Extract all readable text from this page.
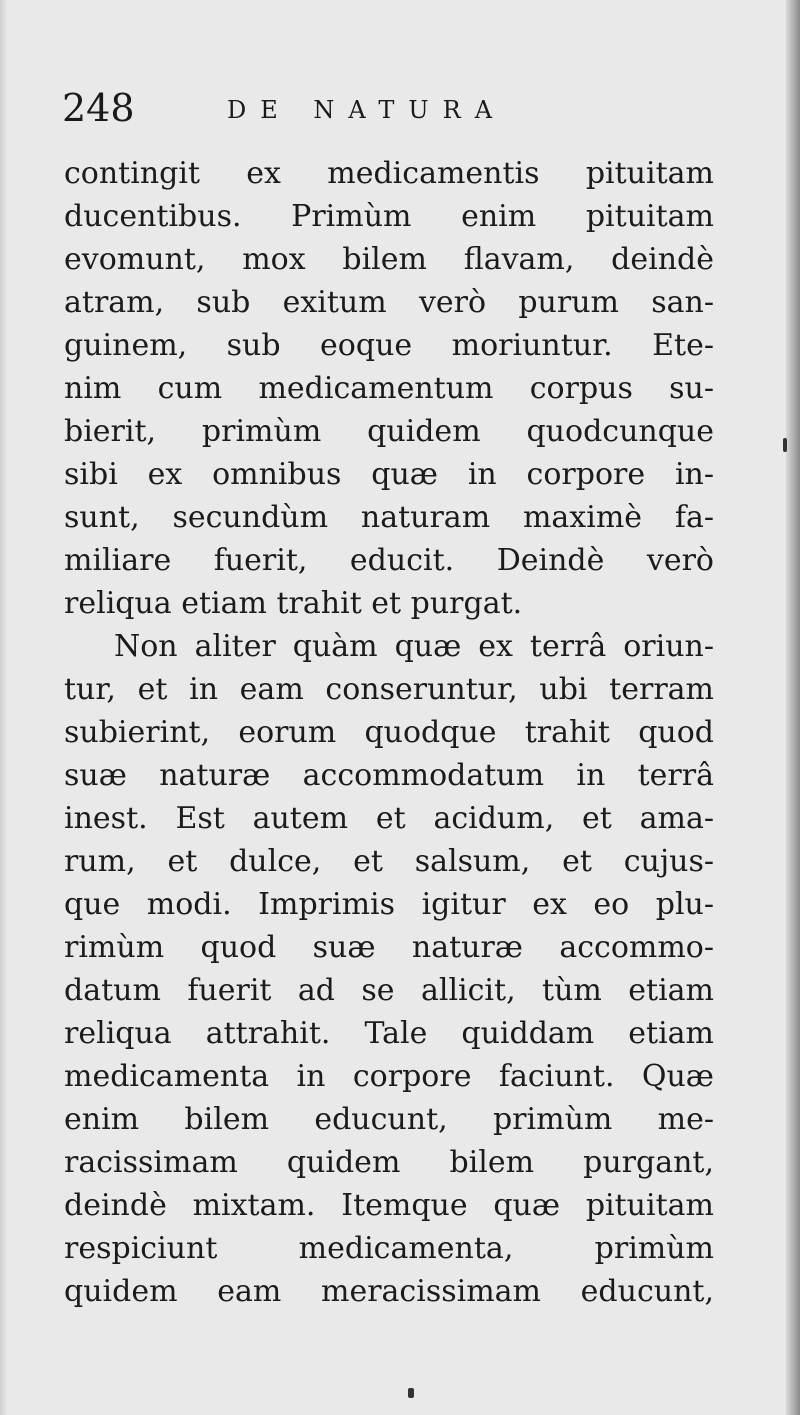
248	DE NATURA
contingit ex medicamentis pituitam
ducentibus. Primùm enim pituitam
evomunt, mox bilem flavam, deindè
atram, sub exitum verò purum san-
guinem, sub eoque moriuntur. Ete-
nim cum medicamentum corpus su-
bierit, primùm quidem quodcunque
sibi ex omnibus quæ in corpore in-
sunt, secundùm naturam maximè fa-
miliare fuerit, educit. Deindè verò
reliqua etiam trahit et purgat.
Non aliter quàm quæ ex terrâ oriun-
tur, et in eam conseruntur, ubi terram
subierint, eorum quodque trahit quod
suæ naturæ accommodatum in terrâ
inest. Est autem et acidum, et ama-
rum, et dulce, et salsum, et cujus-
que modi. Imprimis igitur ex eo plu-
rimùm quod suæ naturæ accommo-
datum fuerit ad se allicit, tùm etiam
reliqua attrahit. Tale quiddam etiam
medicamenta in corpore faciunt. Quæ
enim bilem educunt, primùm me-
racissimam quidem bilem purgant,
deindè mixtam. Itemque quæ pituitam
respiciunt medicamenta, primùm
quidem eam meracissimam educunt,
